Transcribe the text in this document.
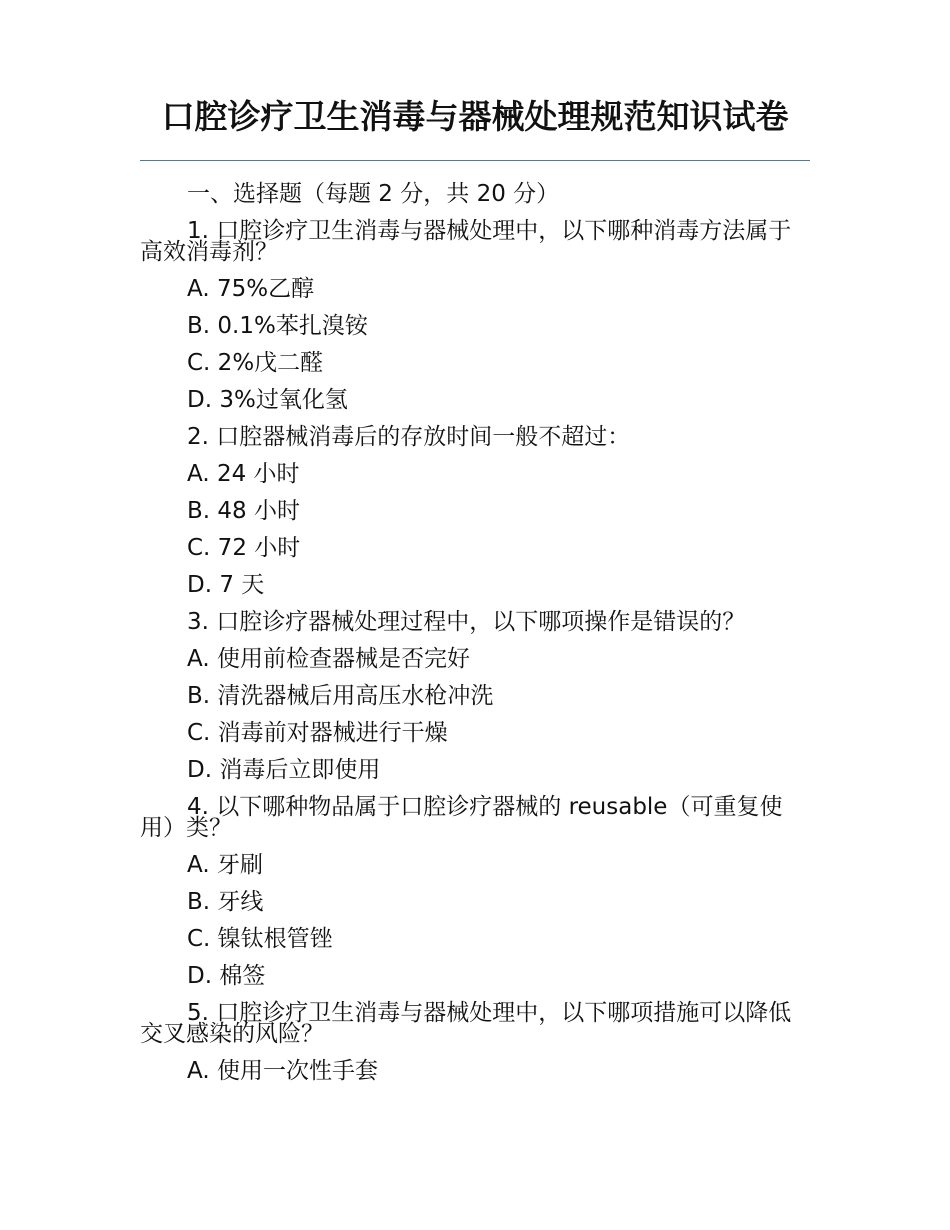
口腔诊疗卫生消毒与器械处理规范知识试卷

一、选择题（每题 2 分，共 20 分）

1. 口腔诊疗卫生消毒与器械处理中，以下哪种消毒方法属于高效消毒剂？

A. 75%乙醇

B. 0.1%苯扎溴铵

C. 2%戊二醛

D. 3%过氧化氢

2. 口腔器械消毒后的存放时间一般不超过：

A. 24 小时

B. 48 小时

C. 72 小时

D. 7 天

3. 口腔诊疗器械处理过程中，以下哪项操作是错误的？

A. 使用前检查器械是否完好

B. 清洗器械后用高压水枪冲洗

C. 消毒前对器械进行干燥

D. 消毒后立即使用

4. 以下哪种物品属于口腔诊疗器械的 reusable（可重复使用）类？

A. 牙刷

B. 牙线

C. 镍钛根管锉

D. 棉签

5. 口腔诊疗卫生消毒与器械处理中，以下哪项措施可以降低交叉感染的风险？

A. 使用一次性手套
